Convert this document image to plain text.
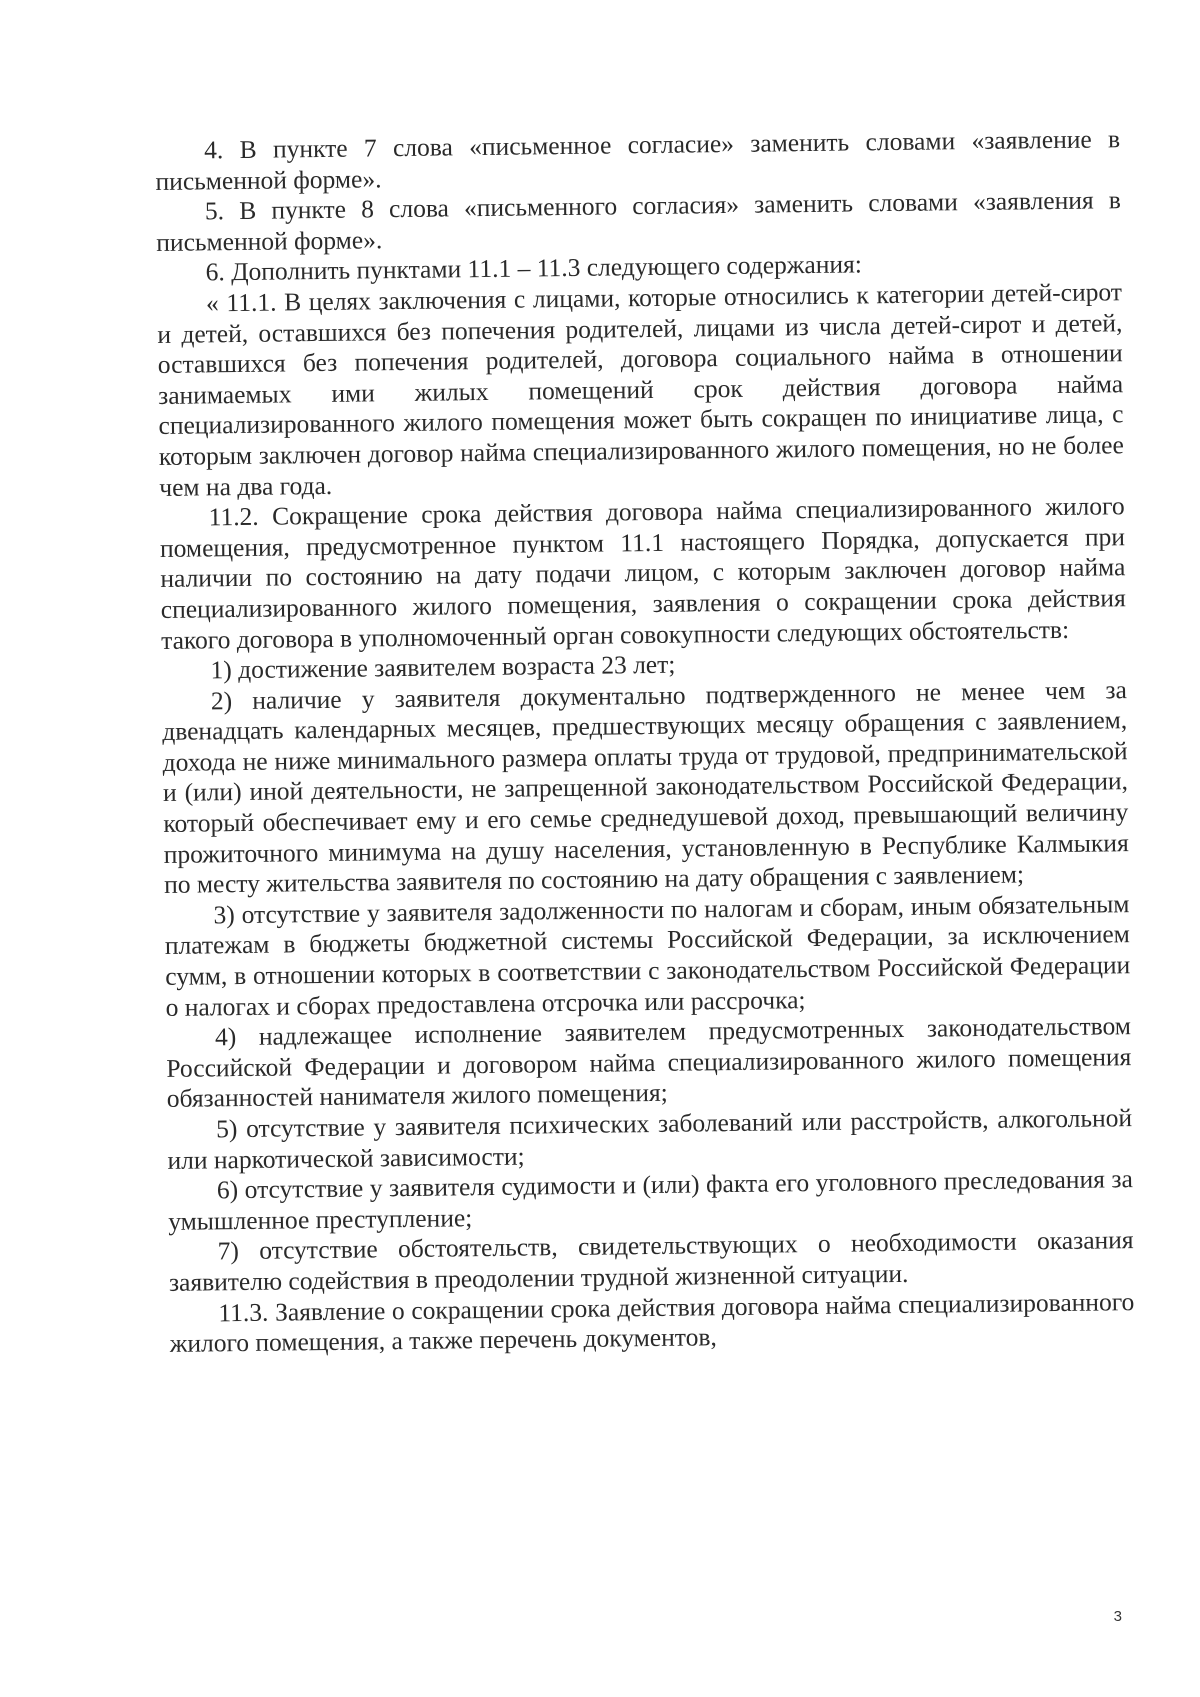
4. В пункте 7 слова «письменное согласие» заменить словами «заявление в письменной форме».

5. В пункте 8 слова «письменного согласия» заменить словами «заявления в письменной форме».

6. Дополнить пунктами 11.1 – 11.3 следующего содержания:

« 11.1. В целях заключения с лицами, которые относились к категории детей-сирот и детей, оставшихся без попечения родителей, лицами из числа детей-сирот и детей, оставшихся без попечения родителей, договора социального найма в отношении занимаемых ими жилых помещений срок действия договора найма специализированного жилого помещения может быть сокращен по инициативе лица, с которым заключен договор найма специализированного жилого помещения, но не более чем на два года.

11.2. Сокращение срока действия договора найма специализированного жилого помещения, предусмотренное пунктом 11.1 настоящего Порядка, допускается при наличии по состоянию на дату подачи лицом, с которым заключен договор найма специализированного жилого помещения, заявления о сокращении срока действия такого договора в уполномоченный орган совокупности следующих обстоятельств:

1) достижение заявителем возраста 23 лет;

2) наличие у заявителя документально подтвержденного не менее чем за двенадцать календарных месяцев, предшествующих месяцу обращения с заявлением, дохода не ниже минимального размера оплаты труда от трудовой, предпринимательской и (или) иной деятельности, не запрещенной законодательством Российской Федерации, который обеспечивает ему и его семье среднедушевой доход, превышающий величину прожиточного минимума на душу населения, установленную в Республике Калмыкия по месту жительства заявителя по состоянию на дату обращения с заявлением;

3) отсутствие у заявителя задолженности по налогам и сборам, иным обязательным платежам в бюджеты бюджетной системы Российской Федерации, за исключением сумм, в отношении которых в соответствии с законодательством Российской Федерации о налогах и сборах предоставлена отсрочка или рассрочка;

4) надлежащее исполнение заявителем предусмотренных законодательством Российской Федерации и договором найма специализированного жилого помещения обязанностей нанимателя жилого помещения;

5) отсутствие у заявителя психических заболеваний или расстройств, алкогольной или наркотической зависимости;

6) отсутствие у заявителя судимости и (или) факта его уголовного преследования за умышленное преступление;

7) отсутствие обстоятельств, свидетельствующих о необходимости оказания заявителю содействия в преодолении трудной жизненной ситуации.

11.3. Заявление о сокращении срока действия договора найма специализированного жилого помещения, а также перечень документов,

3
